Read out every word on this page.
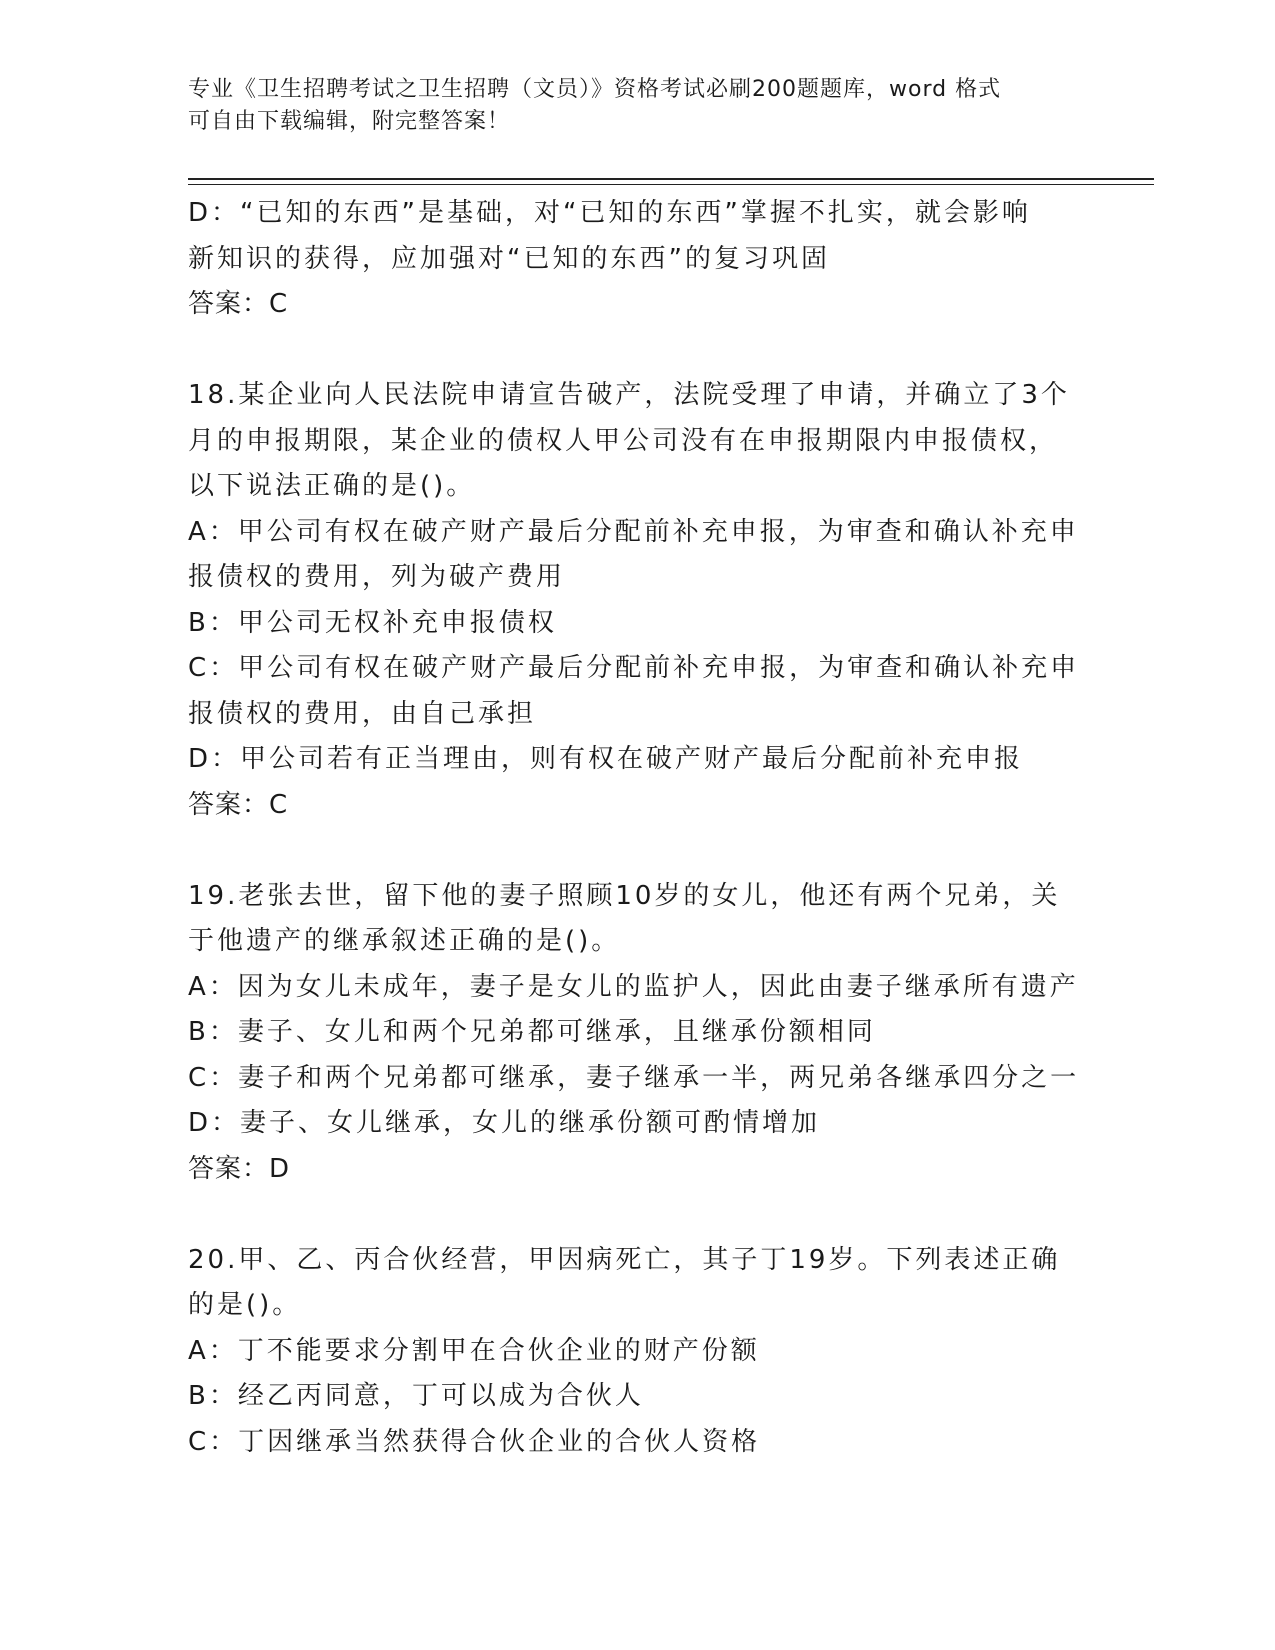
专业《卫生招聘考试之卫生招聘（文员）》资格考试必刷200题题库，word 格式
可自由下载编辑，附完整答案！
D：“已知的东西”是基础，对“已知的东西”掌握不扎实，就会影响
新知识的获得，应加强对“已知的东西”的复习巩固
答案：C
18.某企业向人民法院申请宣告破产，法院受理了申请，并确立了3个
月的申报期限，某企业的债权人甲公司没有在申报期限内申报债权，
以下说法正确的是()。
A：甲公司有权在破产财产最后分配前补充申报，为审查和确认补充申
报债权的费用，列为破产费用
B：甲公司无权补充申报债权
C：甲公司有权在破产财产最后分配前补充申报，为审查和确认补充申
报债权的费用，由自己承担
D：甲公司若有正当理由，则有权在破产财产最后分配前补充申报
答案：C
19.老张去世，留下他的妻子照顾10岁的女儿，他还有两个兄弟，关
于他遗产的继承叙述正确的是()。
A：因为女儿未成年，妻子是女儿的监护人，因此由妻子继承所有遗产
B：妻子、女儿和两个兄弟都可继承，且继承份额相同
C：妻子和两个兄弟都可继承，妻子继承一半，两兄弟各继承四分之一
D：妻子、女儿继承，女儿的继承份额可酌情增加
答案：D
20.甲、乙、丙合伙经营，甲因病死亡，其子丁19岁。下列表述正确
的是()。
A：丁不能要求分割甲在合伙企业的财产份额
B：经乙丙同意，丁可以成为合伙人
C：丁因继承当然获得合伙企业的合伙人资格
